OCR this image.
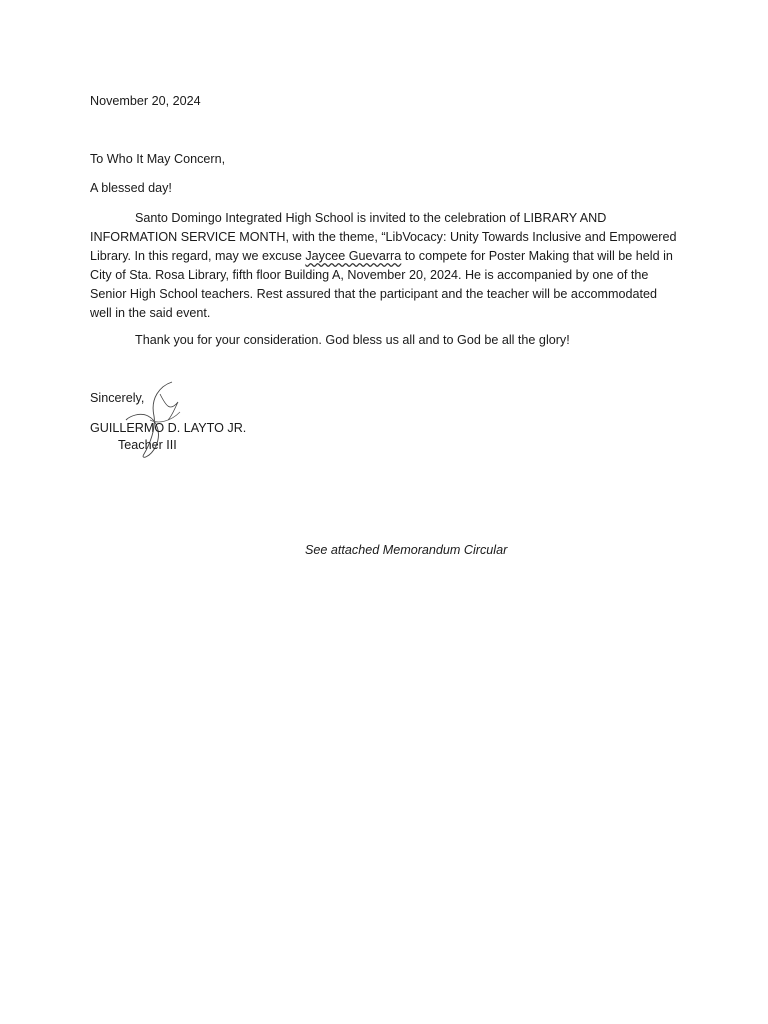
November 20, 2024
To Who It May Concern,
A blessed day!
Santo Domingo Integrated High School is invited to the celebration of LIBRARY AND INFORMATION SERVICE MONTH, with the theme, “LibVocacy: Unity Towards Inclusive and Empowered Library. In this regard, may we excuse Jaycee Guevarra to compete for Poster Making that will be held in City of Sta. Rosa Library, fifth floor Building A, November 20, 2024. He is accompanied by one of the Senior High School teachers. Rest assured that the participant and the teacher will be accommodated well in the said event.
Thank you for your consideration. God bless us all and to God be all the glory!
Sincerely,
GUILLERMO D. LAYTO JR.
Teacher III
See attached Memorandum Circular
